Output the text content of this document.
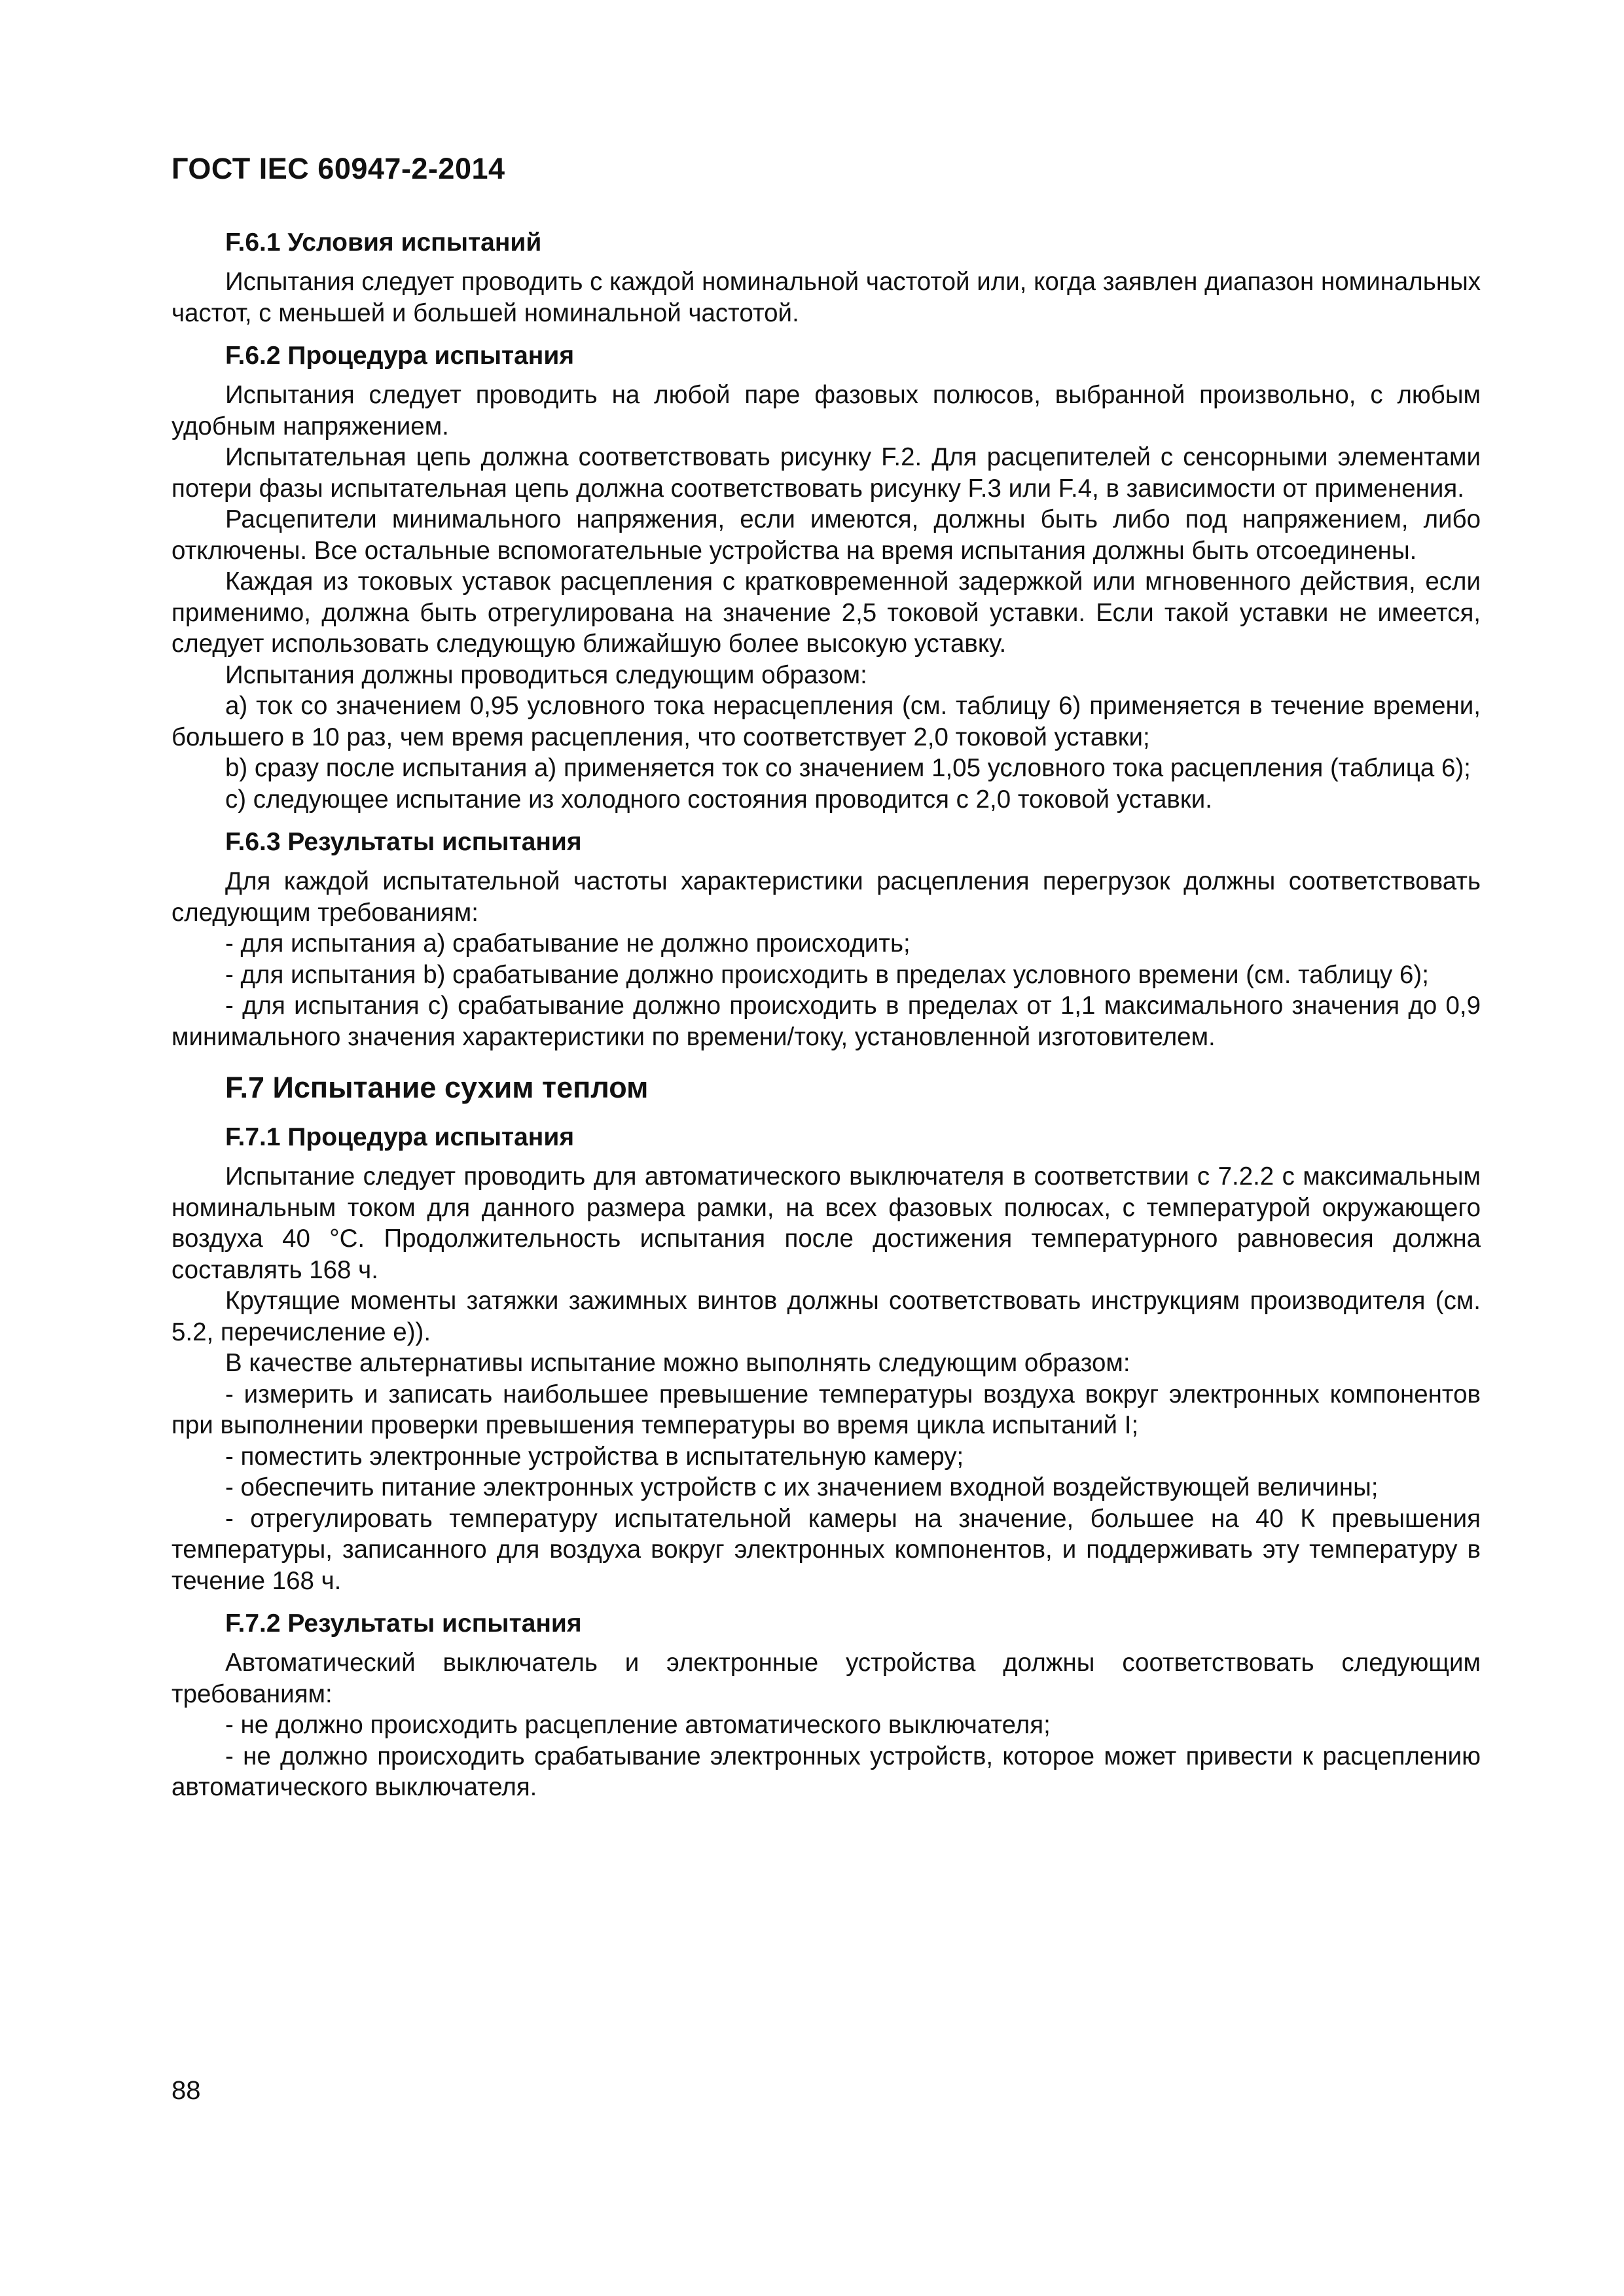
ГОСТ IEC 60947-2-2014
F.6.1 Условия испытаний

Испытания следует проводить с каждой номинальной частотой или, когда заявлен диапазон номинальных частот, с меньшей и большей номинальной частотой.

F.6.2 Процедура испытания

Испытания следует проводить на любой паре фазовых полюсов, выбранной произвольно, с любым удобным напряжением.

Испытательная цепь должна соответствовать рисунку F.2. Для расцепителей с сенсорными элементами потери фазы испытательная цепь должна соответствовать рисунку F.3 или F.4, в зависимости от применения.

Расцепители минимального напряжения, если имеются, должны быть либо под напряжением, либо отключены. Все остальные вспомогательные устройства на время испытания должны быть отсоединены.

Каждая из токовых уставок расцепления с кратковременной задержкой или мгновенного действия, если применимо, должна быть отрегулирована на значение 2,5 токовой уставки. Если такой уставки не имеется, следует использовать следующую ближайшую более высокую уставку.

Испытания должны проводиться следующим образом:

a) ток со значением 0,95 условного тока нерасцепления (см. таблицу 6) применяется в течение времени, большего в 10 раз, чем время расцепления, что соответствует 2,0 токовой уставки;

b) сразу после испытания а) применяется ток со значением 1,05 условного тока расцепления (таблица 6);

c) следующее испытание из холодного состояния проводится с 2,0 токовой уставки.

F.6.3 Результаты испытания

Для каждой испытательной частоты характеристики расцепления перегрузок должны соответствовать следующим требованиям:

- для испытания а) срабатывание не должно происходить;

- для испытания b) срабатывание должно происходить в пределах условного времени (см. таблицу 6);

- для испытания с) срабатывание должно происходить в пределах от 1,1 максимального значения до 0,9 минимального значения характеристики по времени/току, установленной изготовителем.

F.7 Испытание сухим теплом
F.7.1 Процедура испытания

Испытание следует проводить для автоматического выключателя в соответствии с 7.2.2 с максимальным номинальным током для данного размера рамки, на всех фазовых полюсах, с температурой окружающего воздуха 40 °С. Продолжительность испытания после достижения температурного равновесия должна составлять 168 ч.

Крутящие моменты затяжки зажимных винтов должны соответствовать инструкциям производителя (см. 5.2, перечисление е)).

В качестве альтернативы испытание можно выполнять следующим образом:

- измерить и записать наибольшее превышение температуры воздуха вокруг электронных компонентов при выполнении проверки превышения температуры во время цикла испытаний I;

- поместить электронные устройства в испытательную камеру;

- обеспечить питание электронных устройств с их значением входной воздействующей величины;

- отрегулировать температуру испытательной камеры на значение, большее на 40 К превышения температуры, записанного для воздуха вокруг электронных компонентов, и поддерживать эту температуру в течение 168 ч.

F.7.2 Результаты испытания

Автоматический выключатель и электронные устройства должны соответствовать следующим требованиям:

- не должно происходить расцепление автоматического выключателя;

- не должно происходить срабатывание электронных устройств, которое может привести к расцеплению автоматического выключателя.

88
